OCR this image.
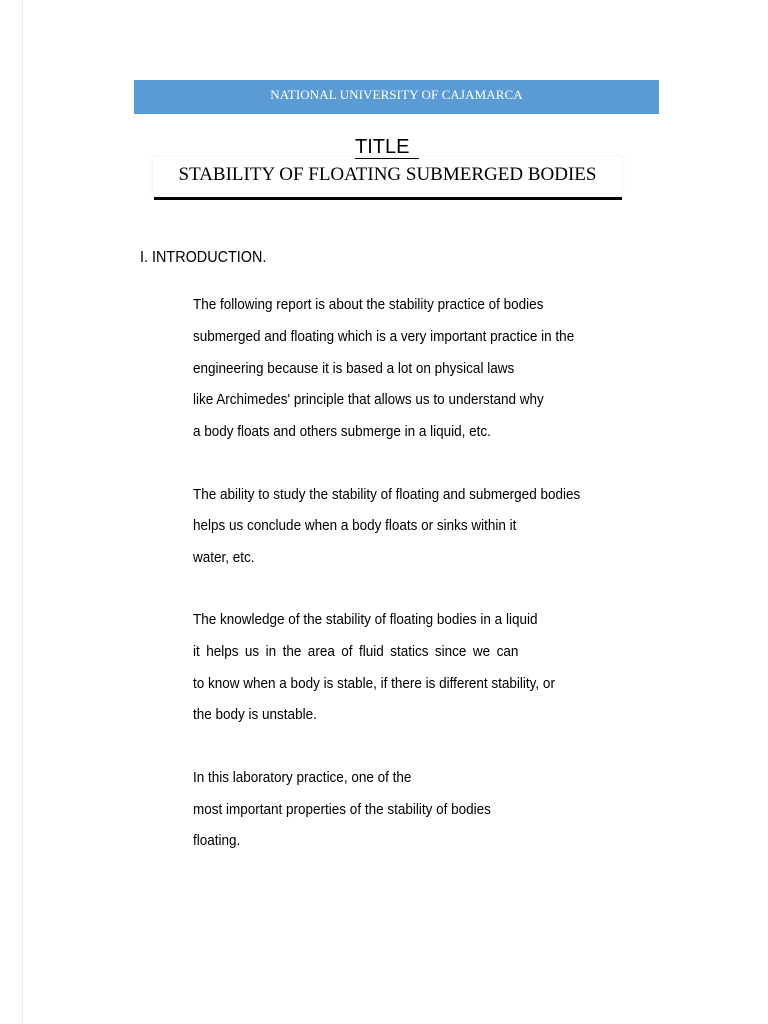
NATIONAL UNIVERSITY OF CAJAMARCA
TITLE
STABILITY OF FLOATING SUBMERGED BODIES
I. INTRODUCTION.
The following report is about the stability practice of bodies
submerged and floating which is a very important practice in the
engineering because it is based a lot on physical laws
like Archimedes' principle that allows us to understand why
a body floats and others submerge in a liquid, etc.
The ability to study the stability of floating and submerged bodies
helps us conclude when a body floats or sinks within it
water, etc.
The knowledge of the stability of floating bodies in a liquid
it helps us in the area of fluid statics since we can
to know when a body is stable, if there is different stability, or
the body is unstable.
In this laboratory practice, one of the
most important properties of the stability of bodies
floating.
